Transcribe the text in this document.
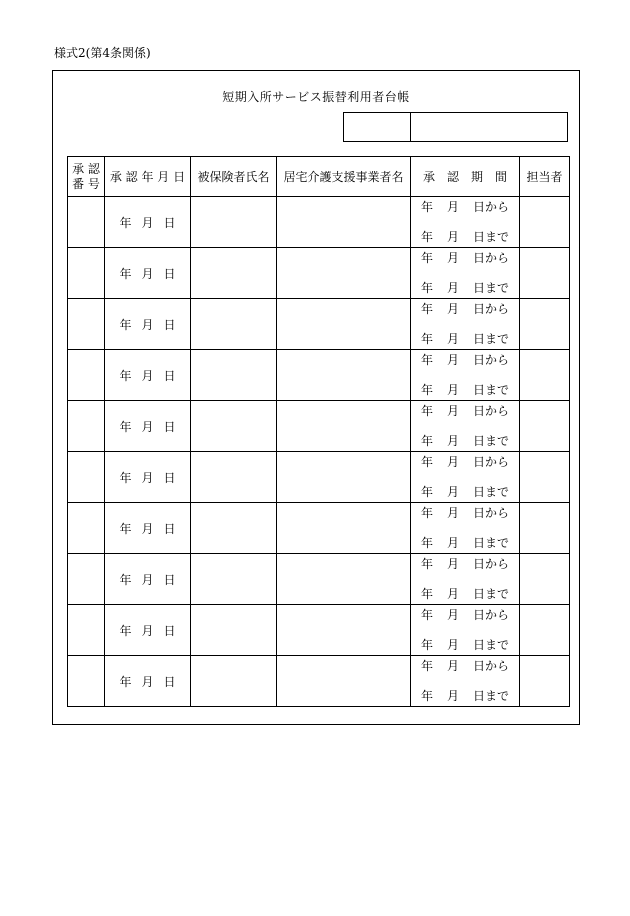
様式2(第4条関係)
短期入所サービス振替利用者台帳
承 認
番 号	承 認 年 月 日	被保険者氏名	居宅介護支援事業者名	承　認　期　間	担当者
	年 月 日			年 月 日から
年 月 日まで	

	年 月 日			年 月 日から
年 月 日まで	

	年 月 日			年 月 日から
年 月 日まで	

	年 月 日			年 月 日から
年 月 日まで	

	年 月 日			年 月 日から
年 月 日まで	

	年 月 日			年 月 日から
年 月 日まで	

	年 月 日			年 月 日から
年 月 日まで	

	年 月 日			年 月 日から
年 月 日まで	

	年 月 日			年 月 日から
年 月 日まで	

	年 月 日			年 月 日から
年 月 日まで	
